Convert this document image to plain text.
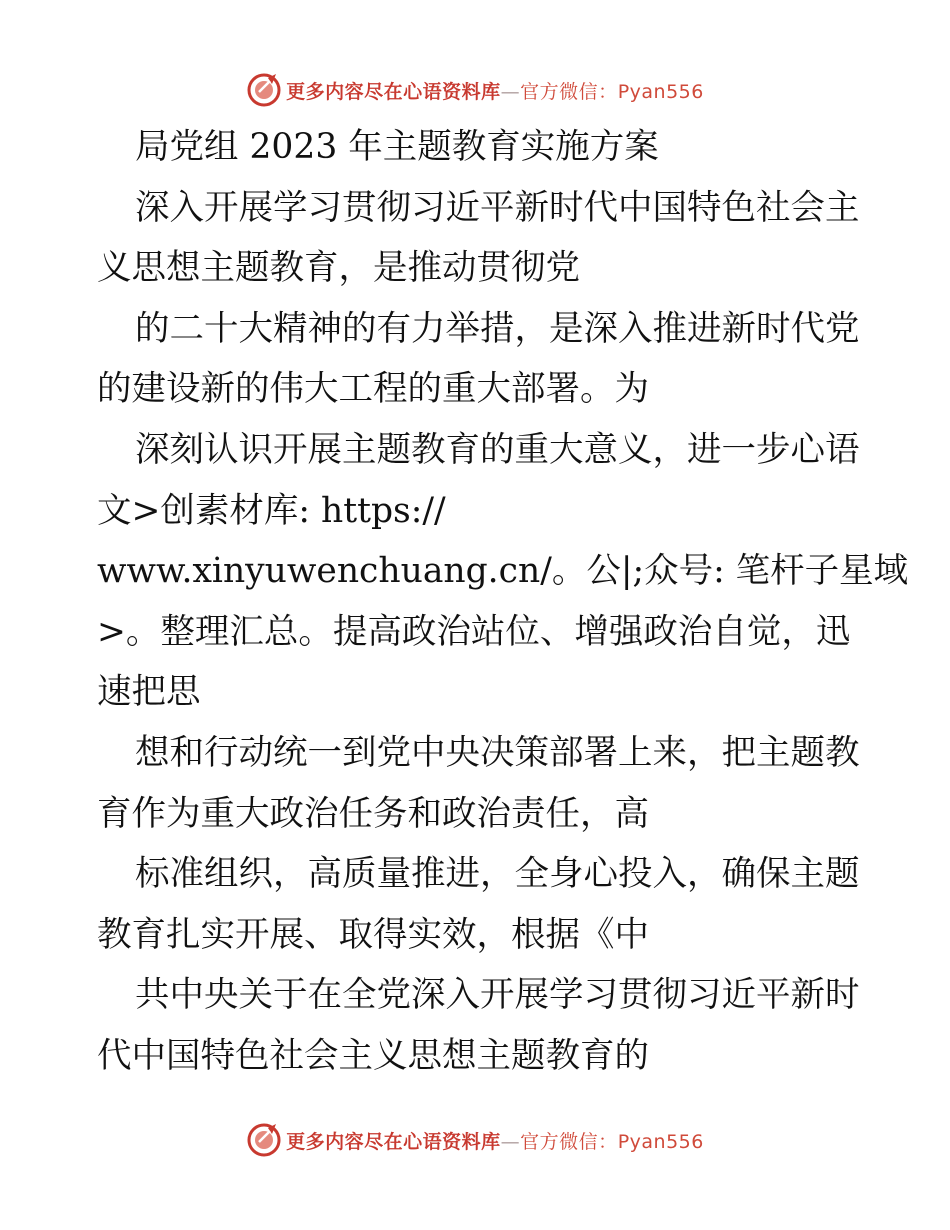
更多内容尽在心语资料库—官方微信：Pyan556
局党组 2023 年主题教育实施方案
深入开展学习贯彻习近平新时代中国特色社会主
义思想主题教育，是推动贯彻党
的二十大精神的有力举措，是深入推进新时代党
的建设新的伟大工程的重大部署。为
深刻认识开展主题教育的重大意义，进一步心语
文>创素材库: https://
www.xinyuwenchuang.cn/。公|;众号: 笔杆子星域
>。整理汇总。提高政治站位、增强政治自觉，迅
速把思
想和行动统一到党中央决策部署上来，把主题教
育作为重大政治任务和政治责任，高
标准组织，高质量推进，全身心投入，确保主题
教育扎实开展、取得实效，根据《中
共中央关于在全党深入开展学习贯彻习近平新时
代中国特色社会主义思想主题教育的
更多内容尽在心语资料库—官方微信：Pyan556
